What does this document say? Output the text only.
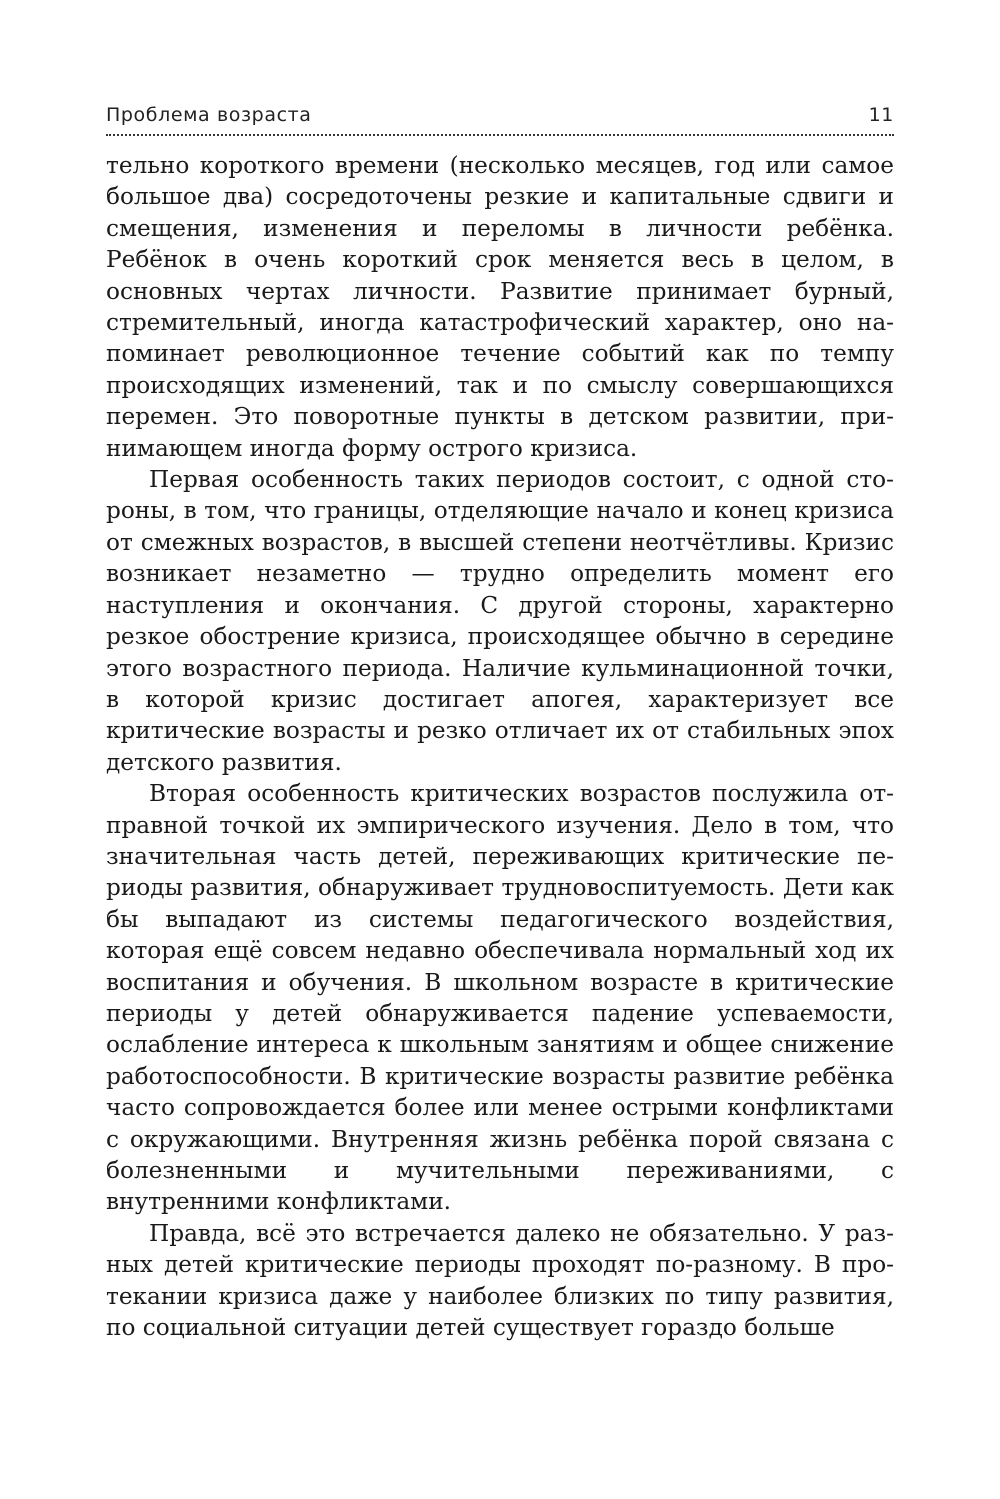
Проблема возраста	11

тельно короткого времени (несколько месяцев, год или самое большое два) сосредоточены резкие и капитальные сдвиги и смещения, изменения и переломы в личности ребёнка. Ребёнок в очень короткий срок меняется весь в целом, в основных чертах личности. Развитие принимает бурный, стремительный, иногда катастрофический характер, оно напоминает революционное течение событий как по темпу происходящих изменений, так и по смыслу совершающихся перемен. Это поворотные пункты в детском развитии, принимающем иногда форму острого кризиса.

Первая особенность таких периодов состоит, с одной стороны, в том, что границы, отделяющие начало и конец кризиса от смежных возрастов, в высшей степени неотчётливы. Кризис возникает незаметно — трудно определить момент его наступления и окончания. С другой стороны, характерно резкое обострение кризиса, происходящее обычно в середине этого возрастного периода. Наличие кульминационной точки, в которой кризис достигает апогея, характеризует все критические возрасты и резко отличает их от стабильных эпох детского развития.

Вторая особенность критических возрастов послужила отправной точкой их эмпирического изучения. Дело в том, что значительная часть детей, переживающих критические периоды развития, обнаруживает трудновоспитуемость. Дети как бы выпадают из системы педагогического воздействия, которая ещё совсем недавно обеспечивала нормальный ход их воспитания и обучения. В школьном возрасте в критические периоды у детей обнаруживается падение успеваемости, ослабление интереса к школьным занятиям и общее снижение работоспособности. В критические возрасты развитие ребёнка часто сопровождается более или менее острыми конфликтами с окружающими. Внутренняя жизнь ребёнка порой связана с болезненными и мучительными переживаниями, с внутренними конфликтами.

Правда, всё это встречается далеко не обязательно. У разных детей критические периоды проходят по-разному. В протекании кризиса даже у наиболее близких по типу развития, по социальной ситуации детей существует гораздо больше
